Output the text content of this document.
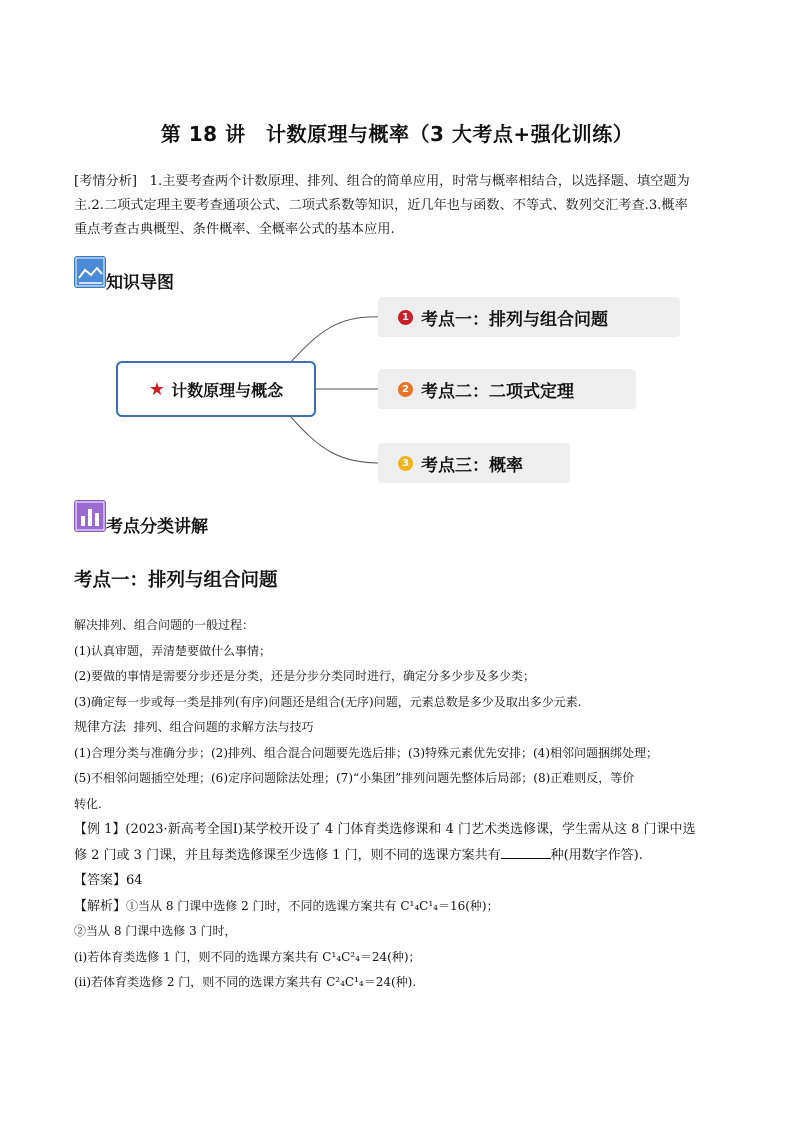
第 18 讲　计数原理与概率（3 大考点+强化训练）
[考情分析] 1.主要考查两个计数原理、排列、组合的简单应用，时常与概率相结合，以选择题、填空题为
主.2.二项式定理主要考查通项公式、二项式系数等知识，近几年也与函数、不等式、数列交汇考查.3.概率
重点考查古典概型、条件概率、全概率公式的基本应用.
知识导图
★ 计数原理与概念
1 考点一：排列与组合问题
2 考点二：二项式定理
3 考点三：概率
考点分类讲解
考点一：排列与组合问题
解决排列、组合问题的一般过程：
(1)认真审题，弄清楚要做什么事情；
(2)要做的事情是需要分步还是分类，还是分步分类同时进行，确定分多少步及多少类；
(3)确定每一步或每一类是排列(有序)问题还是组合(无序)问题，元素总数是多少及取出多少元素.
规律方法 排列、组合问题的求解方法与技巧
(1)合理分类与准确分步；(2)排列、组合混合问题要先选后排；(3)特殊元素优先安排；(4)相邻问题捆绑处理；
(5)不相邻问题插空处理；(6)定序问题除法处理；(7)“小集团”排列问题先整体后局部；(8)正难则反，等价
转化.
【例 1】(2023·新高考全国Ⅰ)某学校开设了 4 门体育类选修课和 4 门艺术类选修课，学生需从这 8 门课中选
修 2 门或 3 门课，并且每类选修课至少选修 1 门，则不同的选课方案共有	种(用数字作答).
【答案】64
【解析】①当从 8 门课中选修 2 门时，不同的选课方案共有 C¹₄C¹₄＝16(种)；
②当从 8 门课中选修 3 门时，
(ⅰ)若体育类选修 1 门，则不同的选课方案共有 C¹₄C²₄＝24(种)；
(ⅱ)若体育类选修 2 门，则不同的选课方案共有 C²₄C¹₄＝24(种).
